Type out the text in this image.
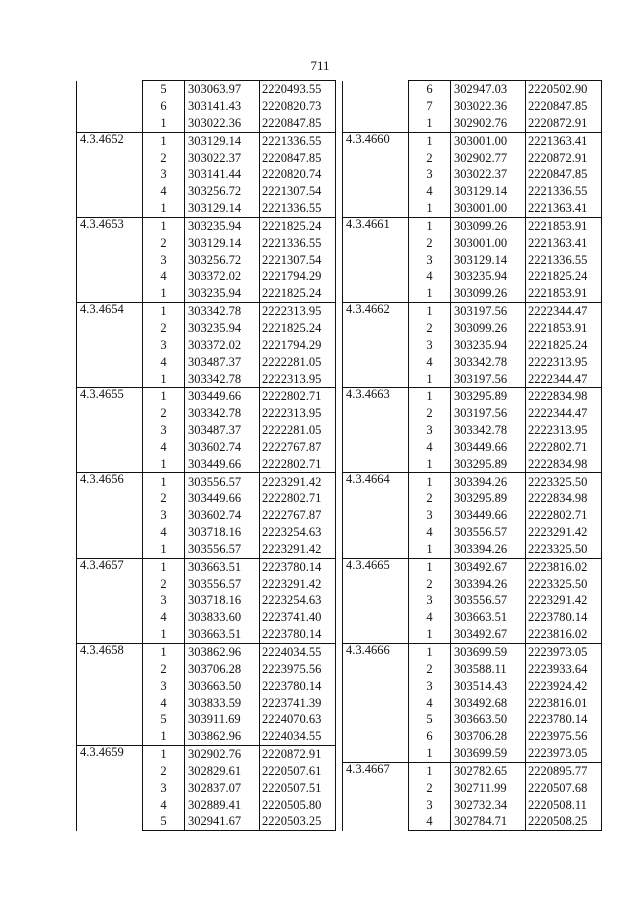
711
	5	303063.97	2220493.55
	6	303141.43	2220820.73
	1	303022.36	2220847.85
4.3.4652	1	303129.14	2221336.55
	2	303022.37	2220847.85
	3	303141.44	2220820.74
	4	303256.72	2221307.54
	1	303129.14	2221336.55
4.3.4653	1	303235.94	2221825.24
	2	303129.14	2221336.55
	3	303256.72	2221307.54
	4	303372.02	2221794.29
	1	303235.94	2221825.24
4.3.4654	1	303342.78	2222313.95
	2	303235.94	2221825.24
	3	303372.02	2221794.29
	4	303487.37	2222281.05
	1	303342.78	2222313.95
4.3.4655	1	303449.66	2222802.71
	2	303342.78	2222313.95
	3	303487.37	2222281.05
	4	303602.74	2222767.87
	1	303449.66	2222802.71
4.3.4656	1	303556.57	2223291.42
	2	303449.66	2222802.71
	3	303602.74	2222767.87
	4	303718.16	2223254.63
	1	303556.57	2223291.42
4.3.4657	1	303663.51	2223780.14
	2	303556.57	2223291.42
	3	303718.16	2223254.63
	4	303833.60	2223741.40
	1	303663.51	2223780.14
4.3.4658	1	303862.96	2224034.55
	2	303706.28	2223975.56
	3	303663.50	2223780.14
	4	303833.59	2223741.39
	5	303911.69	2224070.63
	1	303862.96	2224034.55
4.3.4659	1	302902.76	2220872.91
	2	302829.61	2220507.61
	3	302837.07	2220507.51
	4	302889.41	2220505.80
	5	302941.67	2220503.25
	6	302947.03	2220502.90
	7	303022.36	2220847.85
	1	302902.76	2220872.91
4.3.4660	1	303001.00	2221363.41
	2	302902.77	2220872.91
	3	303022.37	2220847.85
	4	303129.14	2221336.55
	1	303001.00	2221363.41
4.3.4661	1	303099.26	2221853.91
	2	303001.00	2221363.41
	3	303129.14	2221336.55
	4	303235.94	2221825.24
	1	303099.26	2221853.91
4.3.4662	1	303197.56	2222344.47
	2	303099.26	2221853.91
	3	303235.94	2221825.24
	4	303342.78	2222313.95
	1	303197.56	2222344.47
4.3.4663	1	303295.89	2222834.98
	2	303197.56	2222344.47
	3	303342.78	2222313.95
	4	303449.66	2222802.71
	1	303295.89	2222834.98
4.3.4664	1	303394.26	2223325.50
	2	303295.89	2222834.98
	3	303449.66	2222802.71
	4	303556.57	2223291.42
	1	303394.26	2223325.50
4.3.4665	1	303492.67	2223816.02
	2	303394.26	2223325.50
	3	303556.57	2223291.42
	4	303663.51	2223780.14
	1	303492.67	2223816.02
4.3.4666	1	303699.59	2223973.05
	2	303588.11	2223933.64
	3	303514.43	2223924.42
	4	303492.68	2223816.01
	5	303663.50	2223780.14
	6	303706.28	2223975.56
	1	303699.59	2223973.05
4.3.4667	1	302782.65	2220895.77
	2	302711.99	2220507.68
	3	302732.34	2220508.11
	4	302784.71	2220508.25
